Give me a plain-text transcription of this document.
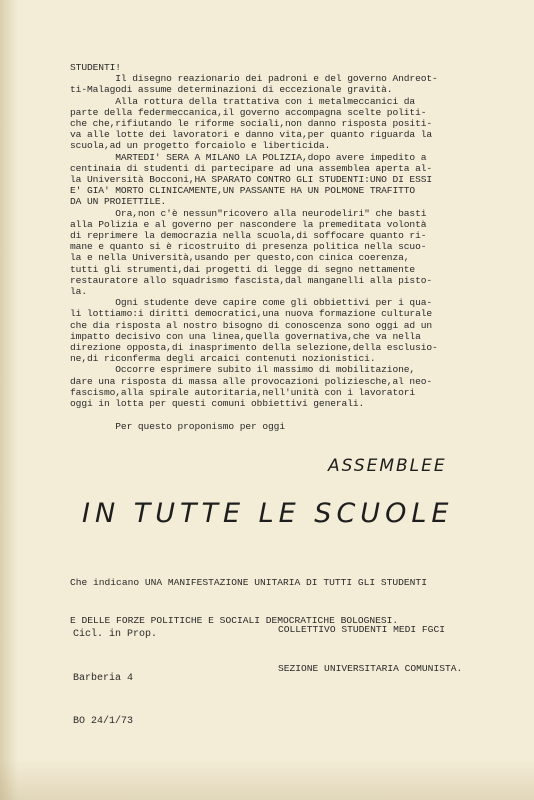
STUDENTI!
Il disegno reazionario dei padroni e del governo Andreot-
ti-Malagodi assume determinazioni di eccezionale gravità.
Alla rottura della trattativa con i metalmeccanici da
parte della federmeccanica,il governo accompagna scelte politi-
che che,rifiutando le riforme sociali,non danno risposta positi-
va alle lotte dei lavoratori e danno vita,per quanto riguarda la
scuola,ad un progetto forcaiolo e liberticida.
MARTEDI' SERA A MILANO LA POLIZIA,dopo avere impedito a
centinaia di studenti di partecipare ad una assemblea aperta al-
la Università Bocconi,HA SPARATO CONTRO GLI STUDENTI:UNO DI ESSI
E' GIA' MORTO CLINICAMENTE,UN PASSANTE HA UN POLMONE TRAFITTO
DA UN PROIETTILE.
Ora,non c'è nessun"ricovero alla neurodeliri" che basti
alla Polizia e al governo per nascondere la premeditata volontà
di reprimere la democrazia nella scuola,di soffocare quanto ri-
mane e quanto si è ricostruito di presenza politica nella scuo-
la e nella Università,usando per questo,con cinica coerenza,
tutti gli strumenti,dai progetti di legge di segno nettamente
restauratore allo squadrismo fascista,dal manganelli alla pisto-
la.
Ogni studente deve capire come gli obbiettivi per i qua-
li lottiamo:i diritti democratici,una nuova formazione culturale
che dia risposta al nostro bisogno di conoscenza sono oggi ad un
impatto decisivo con una linea,quella governativa,che va nella
direzione opposta,di inasprimento della selezione,della esclusio-
ne,di riconferma degli arcaici contenuti nozionistici.
Occorre esprimere subito il massimo di mobilitazione,
dare una risposta di massa alle provocazioni poliziesche,al neo-
fascismo,alla spirale autoritaria,nell'unità con i lavoratori
oggi in lotta per questi comuni obbiettivi generali.

Per questo proponismo per oggi
ASSEMBLEE
IN TUTTE LE SCUOLE

Che indicano UNA MANIFESTAZIONE UNITARIA DI TUTTI GLI STUDENTI

E DELLE FORZE POLITICHE E SOCIALI DEMOCRATICHE BOLOGNESI.

Cicl. in Prop.

Barberia 4

BO 24/1/73

COLLETTIVO STUDENTI MEDI FGCI

SEZIONE UNIVERSITARIA COMUNISTA.
